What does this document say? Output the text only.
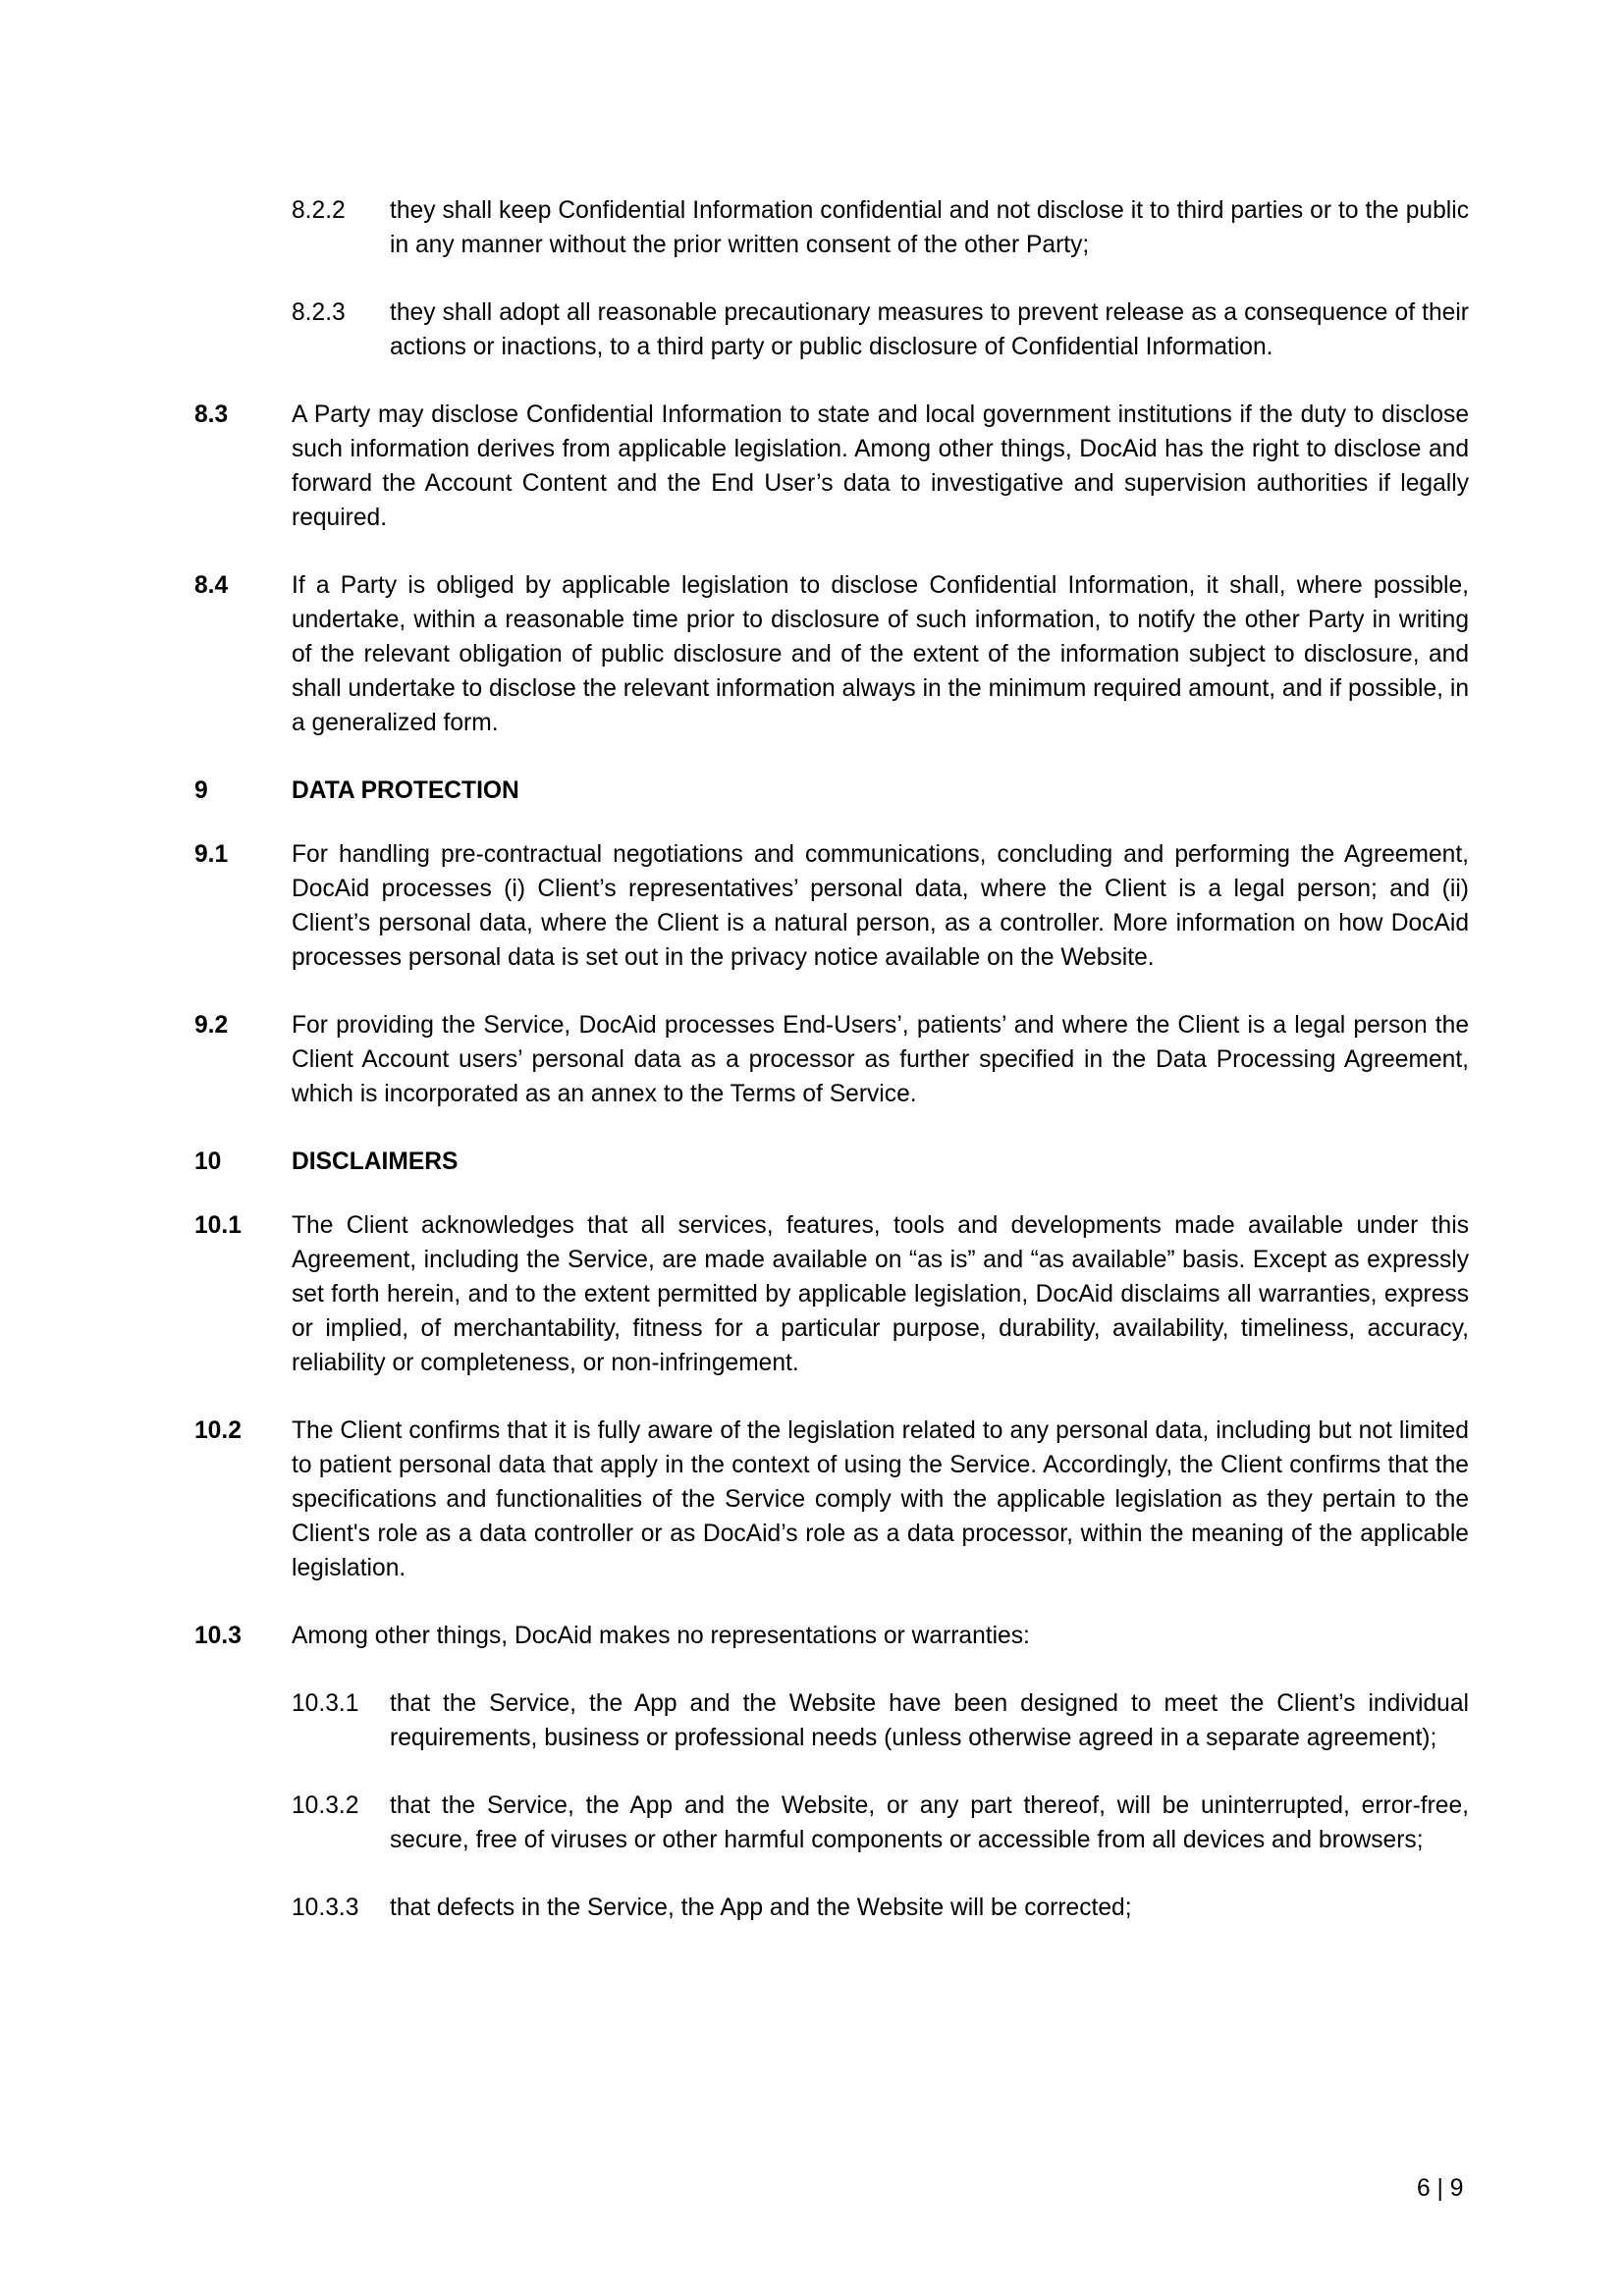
8.2.2 they shall keep Confidential Information confidential and not disclose it to third parties or to the public in any manner without the prior written consent of the other Party;
8.2.3 they shall adopt all reasonable precautionary measures to prevent release as a consequence of their actions or inactions, to a third party or public disclosure of Confidential Information.
8.3	A Party may disclose Confidential Information to state and local government institutions if the duty to disclose such information derives from applicable legislation. Among other things, DocAid has the right to disclose and forward the Account Content and the End User’s data to investigative and supervision authorities if legally required.
8.4	If a Party is obliged by applicable legislation to disclose Confidential Information, it shall, where possible, undertake, within a reasonable time prior to disclosure of such information, to notify the other Party in writing of the relevant obligation of public disclosure and of the extent of the information subject to disclosure, and shall undertake to disclose the relevant information always in the minimum required amount, and if possible, in a generalized form.
9	DATA PROTECTION
9.1	For handling pre-contractual negotiations and communications, concluding and performing the Agreement, DocAid processes (i) Client’s representatives’ personal data, where the Client is a legal person; and (ii) Client’s personal data, where the Client is a natural person, as a controller. More information on how DocAid processes personal data is set out in the privacy notice available on the Website.
9.2	For providing the Service, DocAid processes End-Users’, patients’ and where the Client is a legal person the Client Account users’ personal data as a processor as further specified in the Data Processing Agreement, which is incorporated as an annex to the Terms of Service.
10	DISCLAIMERS
10.1 The Client acknowledges that all services, features, tools and developments made available under this Agreement, including the Service, are made available on “as is” and “as available” basis. Except as expressly set forth herein, and to the extent permitted by applicable legislation, DocAid disclaims all warranties, express or implied, of merchantability, fitness for a particular purpose, durability, availability, timeliness, accuracy, reliability or completeness, or non-infringement.
10.2 The Client confirms that it is fully aware of the legislation related to any personal data, including but not limited to patient personal data that apply in the context of using the Service. Accordingly, the Client confirms that the specifications and functionalities of the Service comply with the applicable legislation as they pertain to the Client's role as a data controller or as DocAid’s role as a data processor, within the meaning of the applicable legislation.
10.3 Among other things, DocAid makes no representations or warranties:
10.3.1 that the Service, the App and the Website have been designed to meet the Client’s individual requirements, business or professional needs (unless otherwise agreed in a separate agreement);
10.3.2 that the Service, the App and the Website, or any part thereof, will be uninterrupted, error-free, secure, free of viruses or other harmful components or accessible from all devices and browsers;
10.3.3 that defects in the Service, the App and the Website will be corrected;
6 | 9
